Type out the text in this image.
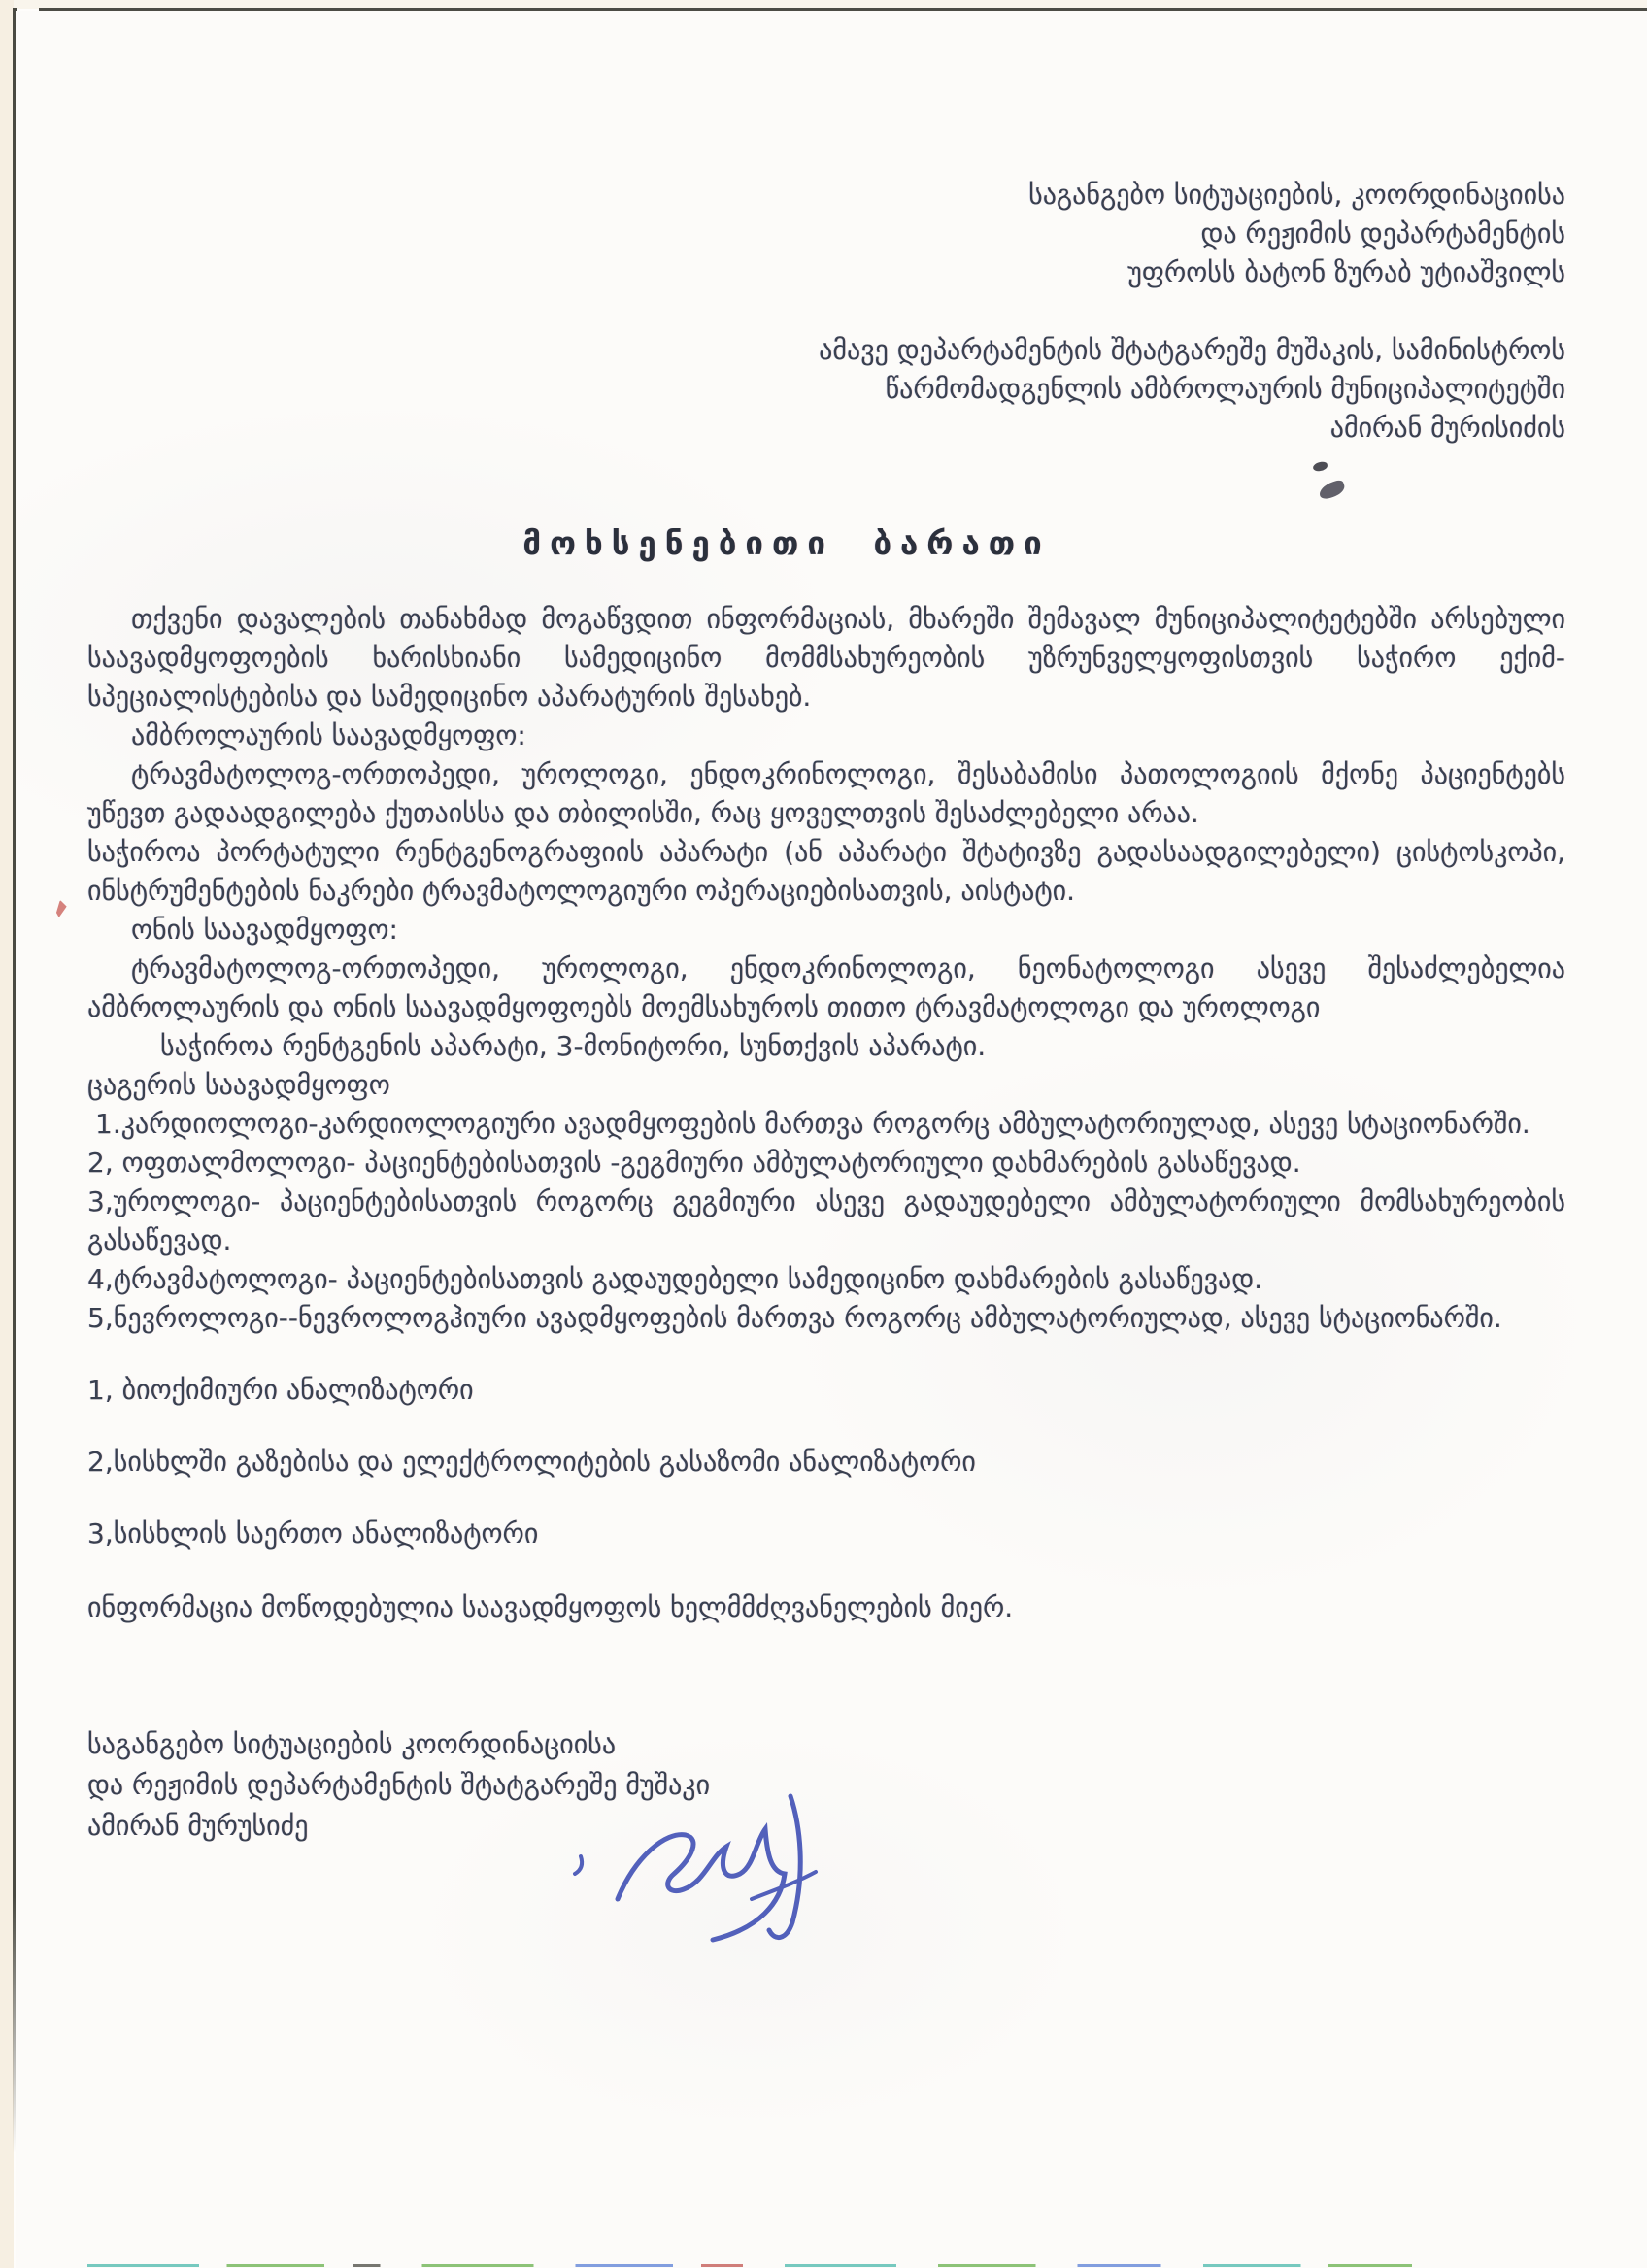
საგანგებო სიტუაციების, კოორდინაციისა
და რეჟიმის დეპარტამენტის
უფროსს ბატონ ზურაბ უტიაშვილს
ამავე დეპარტამენტის შტატგარეშე მუშაკის, სამინისტროს
წარმომადგენლის ამბროლაურის მუნიციპალიტეტში
ამირან მურისიძის
მოხსენებითი ბარათი

თქვენი დავალების თანახმად მოგაწვდით ინფორმაციას, მხარეში შემავალ მუნიციპალიტეტებში არსებული საავადმყოფოების ხარისხიანი სამედიცინო მომმსახურეობის უზრუნველყოფისთვის საჭირო ექიმ-სპეციალისტებისა და სამედიცინო აპარატურის შესახებ.

ამბროლაურის საავადმყოფო:

ტრავმატოლოგ-ორთოპედი, უროლოგი, ენდოკრინოლოგი, შესაბამისი პათოლოგიის მქონე პაციენტებს უწევთ გადაადგილება ქუთაისსა და თბილისში, რაც ყოველთვის შესაძლებელი არაა.

საჭიროა პორტატული რენტგენოგრაფიის აპარატი (ან აპარატი შტატივზე გადასაადგილებელი) ცისტოსკოპი, ინსტრუმენტების ნაკრები ტრავმატოლოგიური ოპერაციებისათვის, აისტატი.

ონის საავადმყოფო:

ტრავმატოლოგ-ორთოპედი, უროლოგი, ენდოკრინოლოგი, ნეონატოლოგი ასევე შესაძლებელია ამბროლაურის და ონის საავადმყოფოებს მოემსახუროს თითო ტრავმატოლოგი და უროლოგი

საჭიროა რენტგენის აპარატი, 3-მონიტორი, სუნთქვის აპარატი.

ცაგერის საავადმყოფო

1.კარდიოლოგი-კარდიოლოგიური ავადმყოფების მართვა როგორც ამბულატორიულად, ასევე სტაციონარში.

2, ოფთალმოლოგი- პაციენტებისათვის -გეგმიური ამბულატორიული დახმარების გასაწევად.

3,უროლოგი- პაციენტებისათვის როგორც გეგმიური ასევე გადაუდებელი ამბულატორიული მომსახურეობის გასაწევად.

4,ტრავმატოლოგი- პაციენტებისათვის გადაუდებელი სამედიცინო დახმარების გასაწევად.

5,ნევროლოგი--ნევროლოგჰიური ავადმყოფების მართვა როგორც ამბულატორიულად, ასევე სტაციონარში.

1, ბიოქიმიური ანალიზატორი

2,სისხლში გაზებისა და ელექტროლიტების გასაზომი ანალიზატორი

3,სისხლის საერთო ანალიზატორი

ინფორმაცია მოწოდებულია საავადმყოფოს ხელმმძღვანელების მიერ.

საგანგებო სიტუაციების კოორდინაციისა
და რეჟიმის დეპარტამენტის შტატგარეშე მუშაკი
ამირან მურუსიძე
